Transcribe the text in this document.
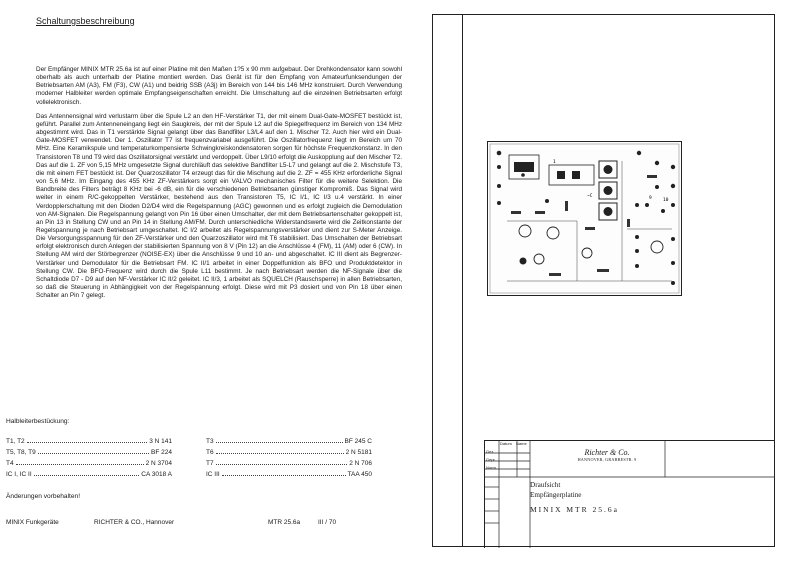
Schaltungsbeschreibung

Der Empfänger MINIX MTR 25.6a ist auf einer Platine mit den Maßen 1?5 x 90 mm aufgebaut. Der Drehkondensator kann sowohl oberhalb als auch unterhalb der Platine montiert werden. Das Gerät ist für den Empfang von Amateurfunksendungen der Betriebsarten AM (A3), FM (F3), CW (A1) und beidrig SSB (A3j) im Bereich von 144 bis 146 MHz konstruiert. Durch Verwendung moderner Halbleiter werden optimale Empfangseigenschaften erreicht. Die Umschaltung auf die einzelnen Betriebsarten erfolgt vollelektronisch.

Das Antennensignal wird verlustarm über die Spule L2 an den HF-Verstärker T1, der mit einem Dual-Gate-MOSFET bestückt ist, geführt. Parallel zum Antenneneingang liegt ein Saugkreis, der mit der Spule L2 auf die Spiegelfrequenz im Bereich von 134 MHz abgestimmt wird. Das in T1 verstärkte Signal gelangt über das Bandfilter L3/L4 auf den 1. Mischer T2. Auch hier wird ein Dual-Gate-MOSFET verwendet. Der 1. Oszillator T7 ist frequenzvariabel ausgeführt. Die Oszillatorfrequenz liegt im Bereich um 70 MHz. Eine Keramikspule und temperaturkompensierte Schwingkreiskondensatoren sorgen für höchste Frequenzkonstanz. In den Transistoren T8 und T9 wird das Oszillatorsignal verstärkt und verdoppelt. Über L9/10 erfolgt die Auskopplung auf den Mischer T2. Das auf die 1. ZF von 5,15 MHz umgesetzte Signal durchläuft das selektive Bandfilter L5-L7 und gelangt auf die 2. Mischstufe T3, die mit einem FET bestückt ist. Der Quarzoszillator T4 erzeugt das für die Mischung auf die 2. ZF = 455 KHz erforderliche Signal von 5,6 MHz. Im Eingang des 455 KHz ZF-Verstärkers sorgt ein VALVO mechanisches Filter für die weitere Selektion. Die Bandbreite des Filters beträgt 8 KHz bei -6 dB, ein für die verschiedenen Betriebsarten günstiger Kompromiß. Das Signal wird weiter in einem R/C-gekoppelten Verstärker, bestehend aus den Transistoren T5, IC I/1, IC I/3 u.4 verstärkt. In einer Verdopplerschaltung mit den Dioden D2/D4 wird die Regelspannung (AGC) gewonnen und es erfolgt zugleich die Demodulation von AM-Signalen. Die Regelspannung gelangt von Pin 16 über einen Umschalter, der mit dem Betriebsartenschalter gekoppelt ist, an Pin 13 in Stellung CW und an Pin 14 in Stellung AM/FM. Durch unterschiedliche Widerstandswerte wird die Zeitkonstante der Regelspannung je nach Betriebsart umgeschaltet. IC I/2 arbeitet als Regelspannungsverstärker und dient zur S-Meter Anzeige. Die Versorgungsspannung für den ZF-Verstärker und den Quarzoszillator wird mit T6 stabilisiert. Das Umschalten der Betriebsart erfolgt elektronisch durch Anlegen der stabilisierten Spannung von 8 V (Pin 12) an die Anschlüsse 4 (FM), 11 (AM) oder 6 (CW). In Stellung AM wird der Störbegrenzer (NOISE-EX) über die Anschlüsse 9 und 10 an- und abgeschaltet. IC III dient als Begrenzer-Verstärker und Demodulator für die Betriebsart FM. IC II/1 arbeitet in einer Doppelfunktion als BFO und Produktdetektor in Stellung CW. Die BFO-Frequenz wird durch die Spule L11 bestimmt. Je nach Betriebsart werden die NF-Signale über die Schaltdiode D7 - D9 auf den NF-Verstärker IC II/2 geleitet. IC II/3, 1 arbeitet als SQUELCH (Rauschsperre) in allen Betriebsarten, so daß die Steuerung in Abhängigkeit von der Regelspannung erfolgt. Diese wird mit P3 dosiert und von Pin 18 über einen Schalter an Pin 7 gelegt.

Halbleiterbestückung:
T1, T2	3 N 141	T3	BF 245 C
T5, T8, T9	BF 224	T6	2 N 5181
T4	2 N 3704	T7	2 N 706
IC I, IC II	CA 3018 A	IC III	TAA 450
Änderungen vorbehalten!
MINIX Funkgeräte	RICHTER & CO., Hannover	MTR 25.6a	III / 70
1
~C	9	10
Gez.
Gepr.
Norm.
Datum Name
Richter & Co.
HANNOVER, GRABBESTR. 9
Draufsicht
Empfängerplatine
MINIX MTR 25.6a
